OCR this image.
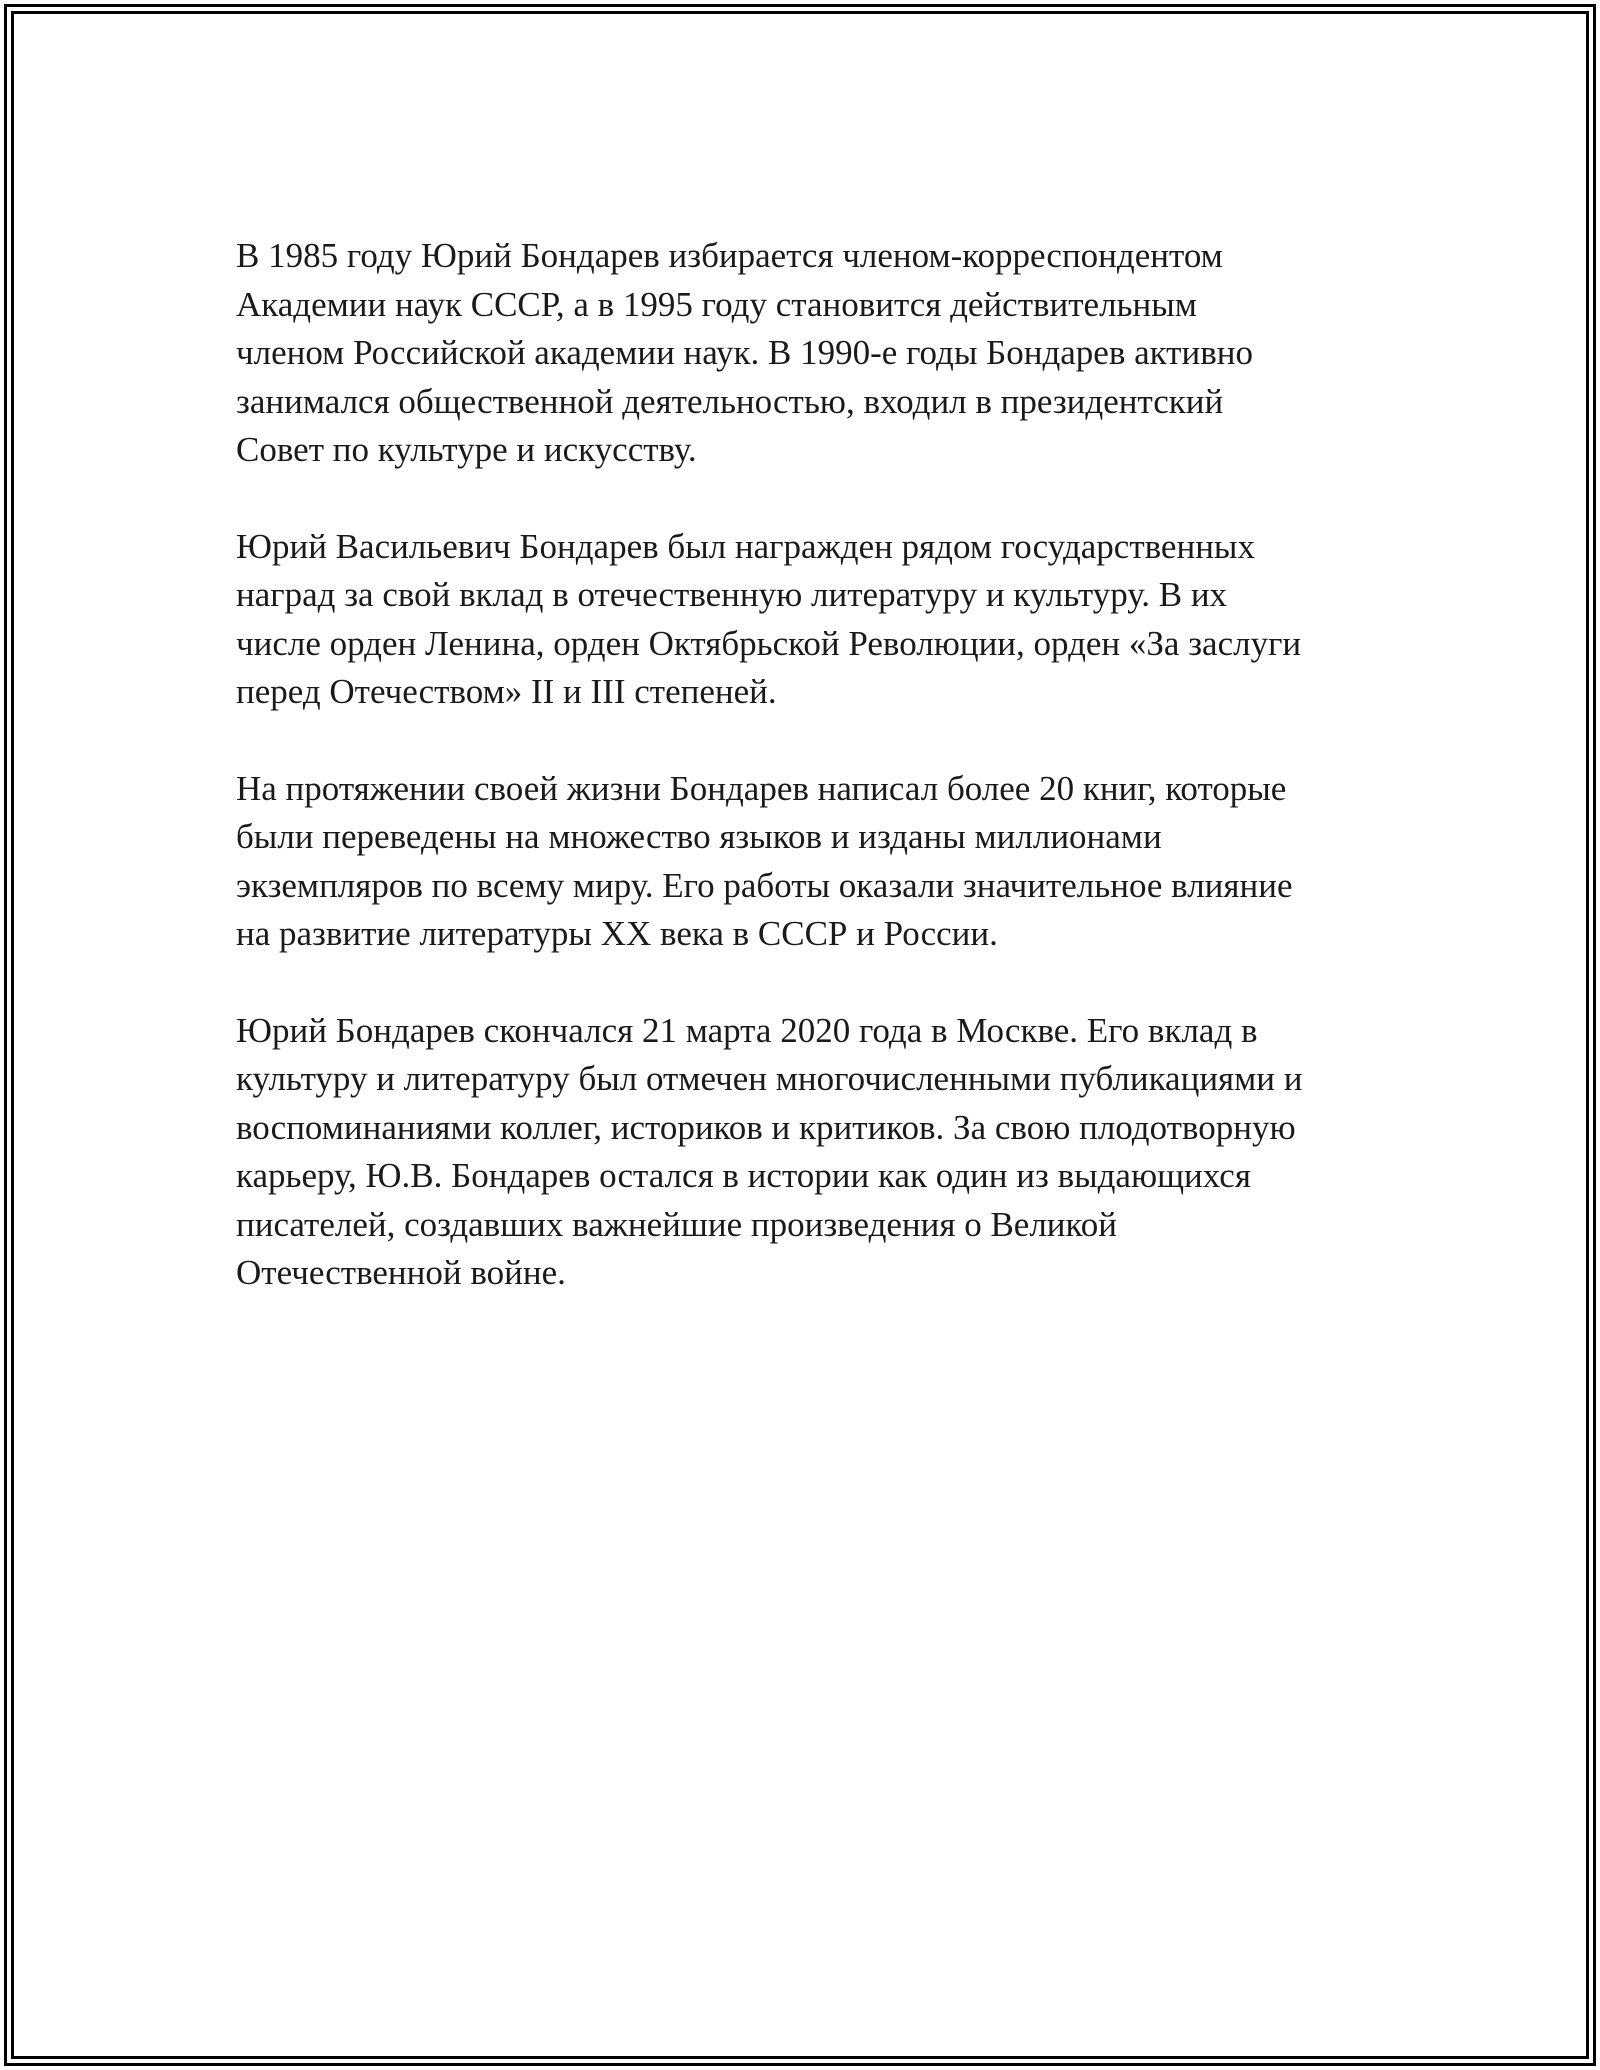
В 1985 году Юрий Бондарев избирается членом-корреспондентом
Академии наук СССР, а в 1995 году становится действительным
членом Российской академии наук. В 1990-е годы Бондарев активно
занимался общественной деятельностью, входил в президентский
Совет по культуре и искусству.

Юрий Васильевич Бондарев был награжден рядом государственных
наград за свой вклад в отечественную литературу и культуру. В их
числе орден Ленина, орден Октябрьской Революции, орден «За заслуги
перед Отечеством» II и III степеней.

На протяжении своей жизни Бондарев написал более 20 книг, которые
были переведены на множество языков и изданы миллионами
экземпляров по всему миру. Его работы оказали значительное влияние
на развитие литературы XX века в СССР и России.

Юрий Бондарев скончался 21 марта 2020 года в Москве. Его вклад в
культуру и литературу был отмечен многочисленными публикациями и
воспоминаниями коллег, историков и критиков. За свою плодотворную
карьеру, Ю.В. Бондарев остался в истории как один из выдающихся
писателей, создавших важнейшие произведения о Великой
Отечественной войне.
